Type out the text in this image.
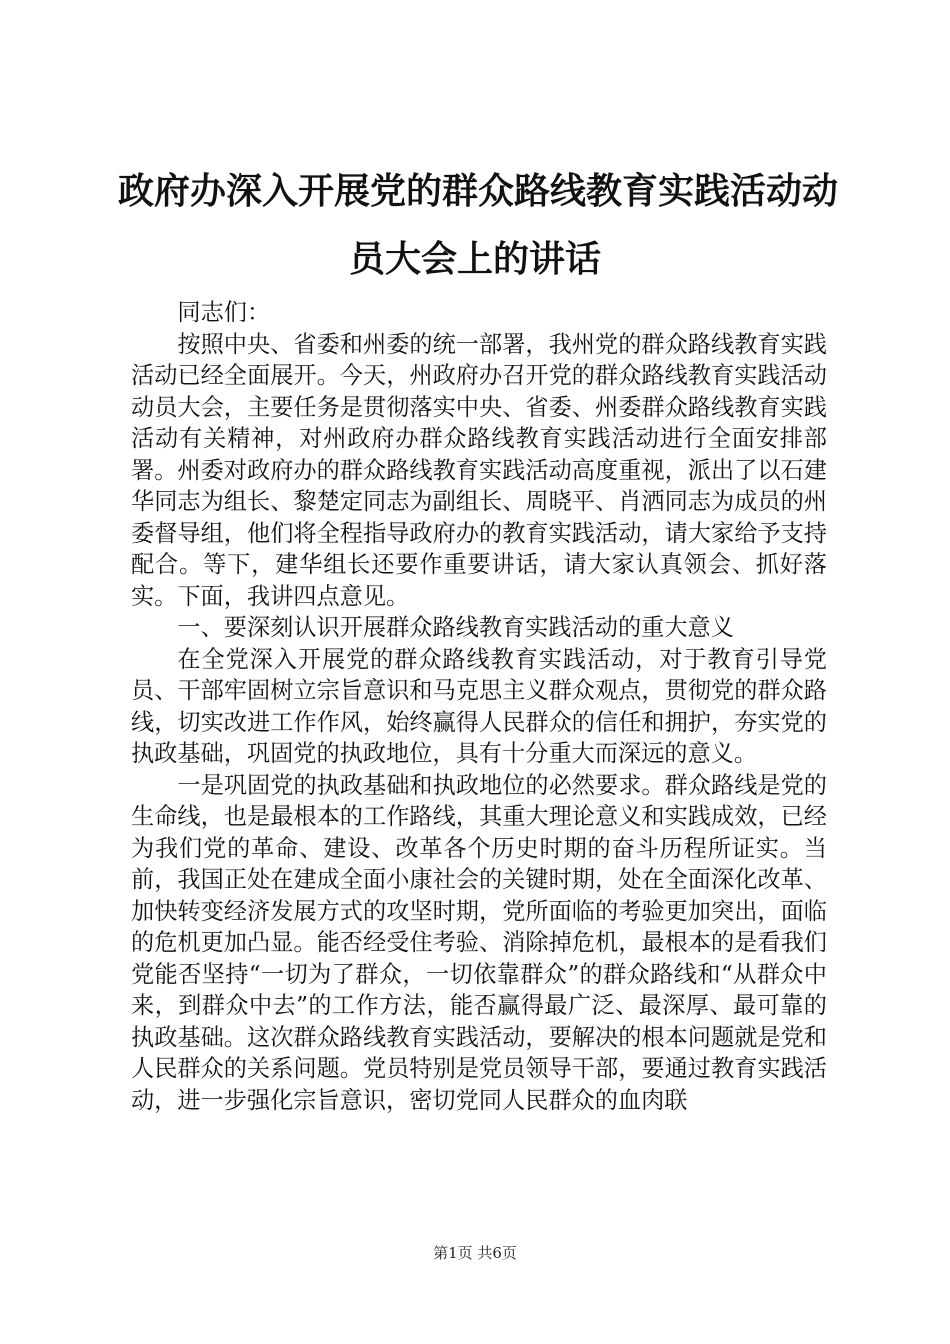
政府办深入开展党的群众路线教育实践活动动
员大会上的讲话

同志们：

按照中央、省委和州委的统一部署，我州党的群众路线教育实践活动已经全面展开。今天，州政府办召开党的群众路线教育实践活动动员大会，主要任务是贯彻落实中央、省委、州委群众路线教育实践活动有关精神，对州政府办群众路线教育实践活动进行全面安排部署。州委对政府办的群众路线教育实践活动高度重视，派出了以石建华同志为组长、黎楚定同志为副组长、周晓平、肖洒同志为成员的州委督导组，他们将全程指导政府办的教育实践活动，请大家给予支持配合。等下，建华组长还要作重要讲话，请大家认真领会、抓好落实。下面，我讲四点意见。

一、要深刻认识开展群众路线教育实践活动的重大意义

在全党深入开展党的群众路线教育实践活动，对于教育引导党员、干部牢固树立宗旨意识和马克思主义群众观点，贯彻党的群众路线，切实改进工作作风，始终赢得人民群众的信任和拥护，夯实党的执政基础，巩固党的执政地位，具有十分重大而深远的意义。

一是巩固党的执政基础和执政地位的必然要求。群众路线是党的生命线，也是最根本的工作路线，其重大理论意义和实践成效，已经为我们党的革命、建设、改革各个历史时期的奋斗历程所证实。当前，我国正处在建成全面小康社会的关键时期，处在全面深化改革、加快转变经济发展方式的攻坚时期，党所面临的考验更加突出，面临的危机更加凸显。能否经受住考验、消除掉危机，最根本的是看我们党能否坚持“一切为了群众，一切依靠群众”的群众路线和“从群众中来，到群众中去”的工作方法，能否赢得最广泛、最深厚、最可靠的执政基础。这次群众路线教育实践活动，要解决的根本问题就是党和人民群众的关系问题。党员特别是党员领导干部，要通过教育实践活动，进一步强化宗旨意识，密切党同人民群众的血肉联

第1页 共6页
